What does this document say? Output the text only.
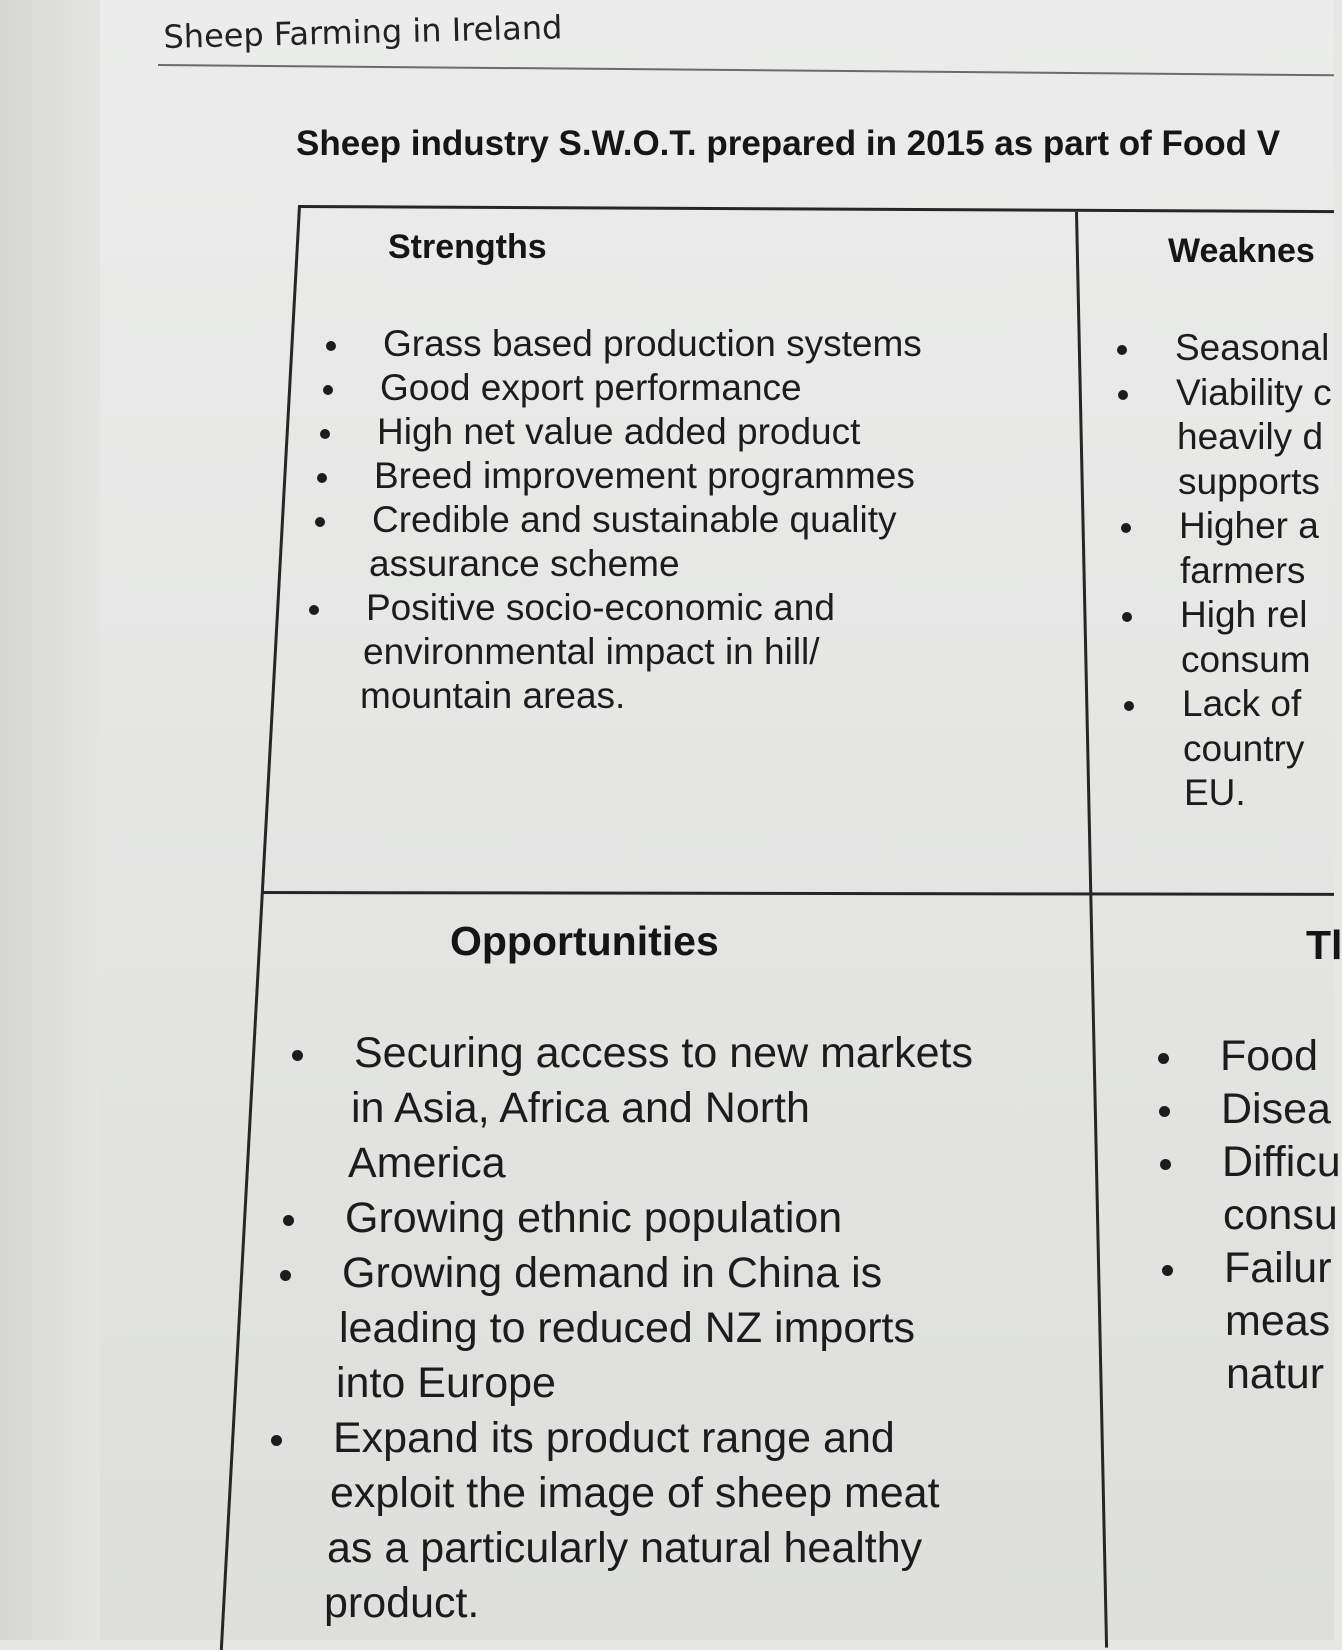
Sheep Farming in Ireland
Sheep industry S.W.O.T. prepared in 2015 as part of Food V
Strengths
Grass based production systems
Good export performance
High net value added product
Breed improvement programmes
Credible and sustainable quality
assurance scheme
Positive socio-economic and
environmental impact in hill/
mountain areas.
Weaknes
Seasonal
Viability c
heavily d
supports
Higher a
farmers
High rel
consum
Lack of
country
EU.
Opportunities
Securing access to new markets
in Asia, Africa and North
America
Growing ethnic population
Growing demand in China is
leading to reduced NZ imports
into Europe
Expand its product range and
exploit the image of sheep meat
as a particularly natural healthy
product.
Tl
Food
Disea
Difficu
consu
Failur
meas
natur
